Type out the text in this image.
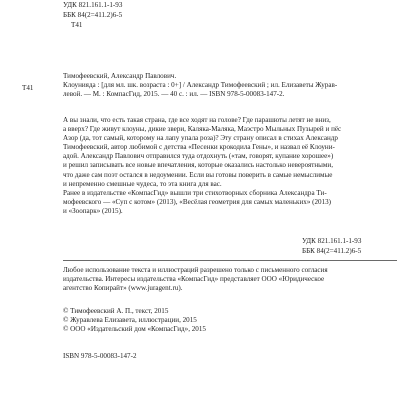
УДК 821.161.1-1-93
ББК 84(2=411.2)6-5
Т41
Т41
Тимофеевский, Александр Павлович.
Клоунияда : [для мл. шк. возраста : 0+] / Александр Тимофеевский ; ил. Елизаветы Журав-
левой. — М. : КомпасГид, 2015. — 40 с. : ил. — ISBN 978-5-00083-147-2.
А вы знали, что есть такая страна, где все ходят на голове? Где парашюты летят не вниз,
а вверх? Где живут клоуны, дикие звери, Каляка-Маляка, Маэстро Мыльных Пузырей и пёс
Азор (да, тот самый, которому на лапу упала роза)? Эту страну описал в стихах Александр
Тимофеевский, автор любимой с детства «Песенки крокодила Гены», и назвал её Клоуни-
адой. Александр Павлович отправился туда отдохнуть («там, говорят, купание хорошее»)
и решил записывать все новые впечатления, которые оказались настолько невероятными,
что даже сам поэт остался в недоумении. Если вы готовы поверить в самые немыслимые
и непременно смешные чудеса, то эта книга для вас.
Ранее в издательстве «КомпасГид» вышли три стихотворных сборника Александра Ти-
мофеевского — «Суп с котом» (2013), «Весёлая геометрия для самых маленьких» (2013)
и «Зоопарк» (2015).
УДК 821.161.1-1-93
ББК 84(2=411.2)6-5
Любое использование текста и иллюстраций разрешено только с письменного согласия
издательства. Интересы издательства «КомпасГид» представляет ООО «Юридическое
агентство Копирайт» (www.juragent.ru).
© Тимофеевский А. П., текст, 2015
© Журавлева Елизавета, иллюстрации, 2015
© ООО «Издательский дом «КомпасГид», 2015
ISBN 978-5-00083-147-2
